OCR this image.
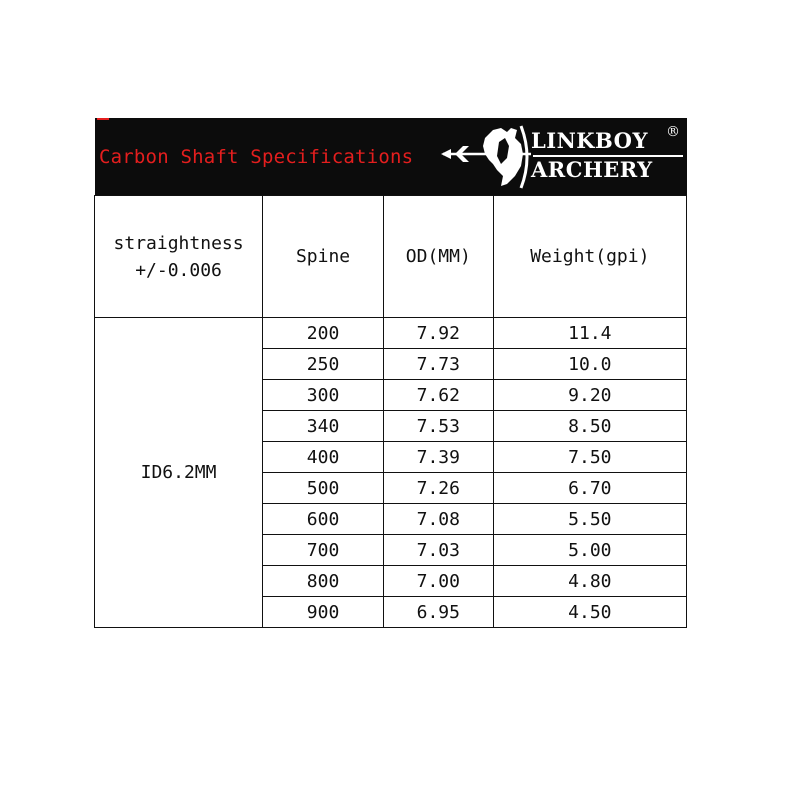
Carbon Shaft Specifications
LINKBOY ®
ARCHERY
straightness
+/-0.006	Spine	OD(MM)	Weight(gpi)
ID6.2MM	200	7.92	11.4
	250	7.73	10.0
	300	7.62	9.20
	340	7.53	8.50
	400	7.39	7.50
	500	7.26	6.70
	600	7.08	5.50
	700	7.03	5.00
	800	7.00	4.80
	900	6.95	4.50
